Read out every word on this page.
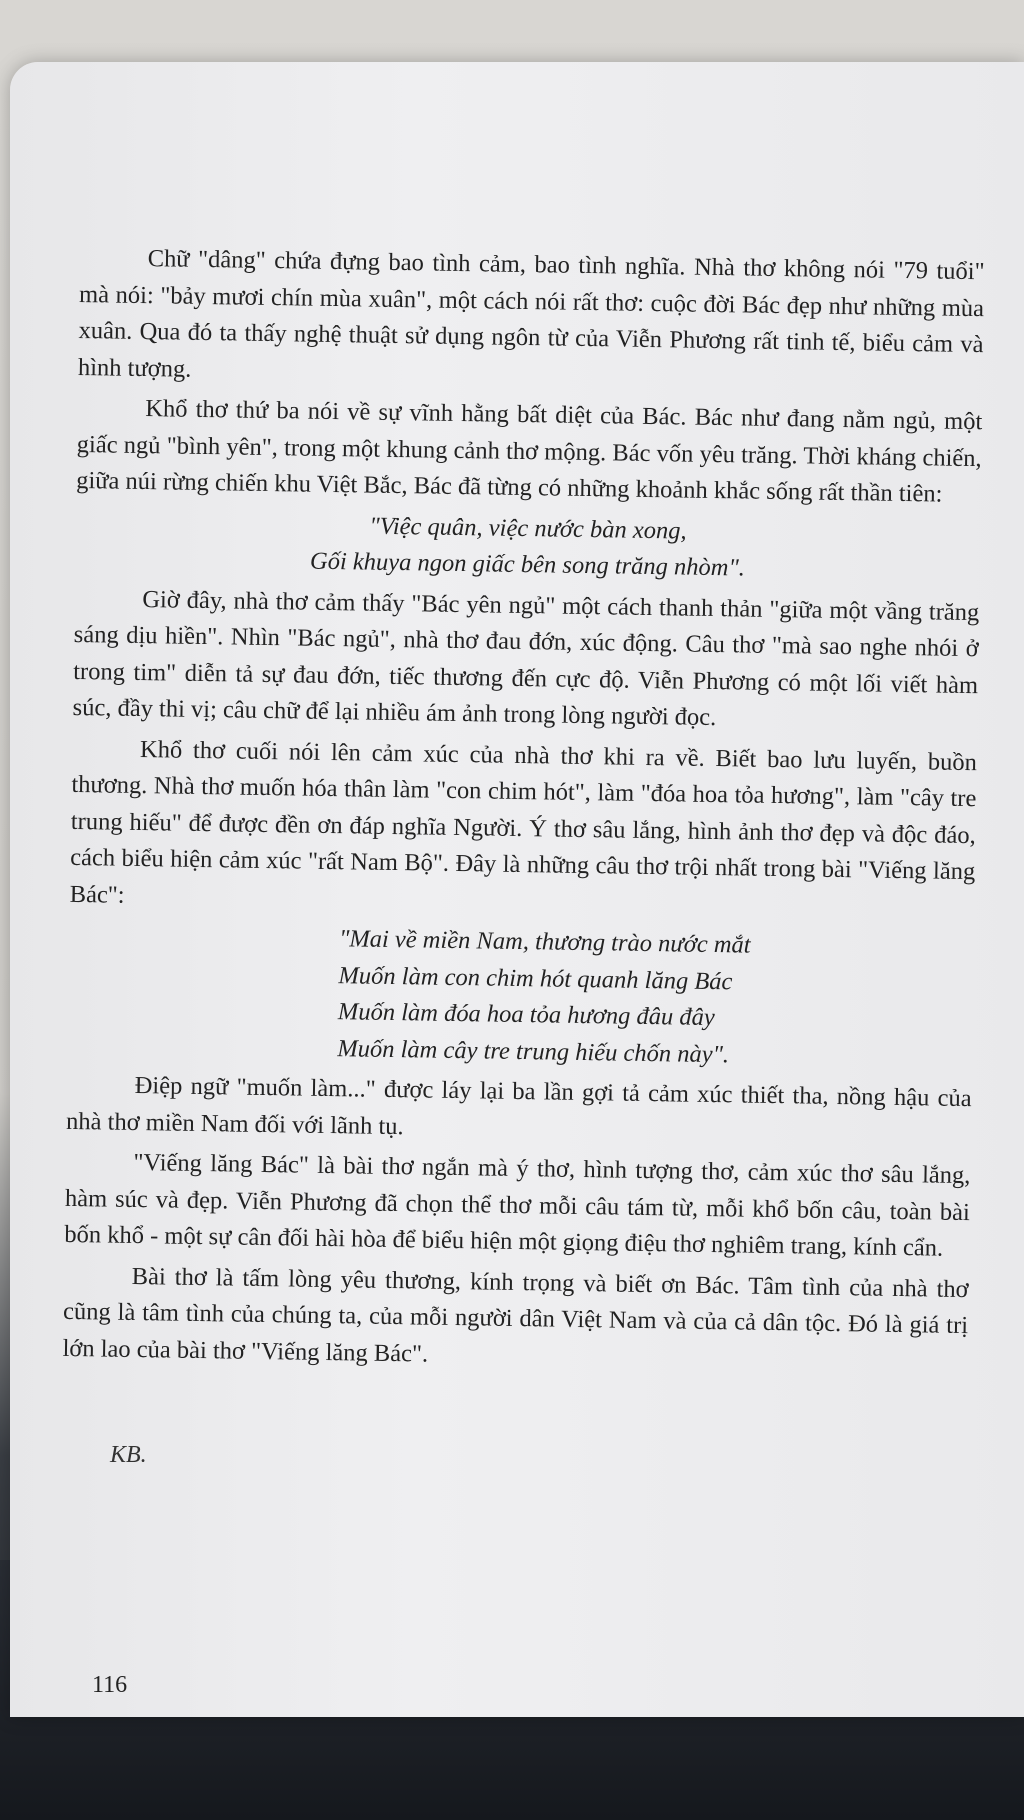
Chữ "dâng" chứa đựng bao tình cảm, bao tình nghĩa. Nhà thơ không nói "79 tuổi" mà nói: "bảy mươi chín mùa xuân", một cách nói rất thơ: cuộc đời Bác đẹp như những mùa xuân. Qua đó ta thấy nghệ thuật sử dụng ngôn từ của Viễn Phương rất tinh tế, biểu cảm và hình tượng.

Khổ thơ thứ ba nói về sự vĩnh hằng bất diệt của Bác. Bác như đang nằm ngủ, một giấc ngủ "bình yên", trong một khung cảnh thơ mộng. Bác vốn yêu trăng. Thời kháng chiến, giữa núi rừng chiến khu Việt Bắc, Bác đã từng có những khoảnh khắc sống rất thần tiên:

"Việc quân, việc nước bàn xong,
Gối khuya ngon giấc bên song trăng nhòm".

Giờ đây, nhà thơ cảm thấy "Bác yên ngủ" một cách thanh thản "giữa một vầng trăng sáng dịu hiền". Nhìn "Bác ngủ", nhà thơ đau đớn, xúc động. Câu thơ "mà sao nghe nhói ở trong tim" diễn tả sự đau đớn, tiếc thương đến cực độ. Viễn Phương có một lối viết hàm súc, đầy thi vị; câu chữ để lại nhiều ám ảnh trong lòng người đọc.

Khổ thơ cuối nói lên cảm xúc của nhà thơ khi ra về. Biết bao lưu luyến, buồn thương. Nhà thơ muốn hóa thân làm "con chim hót", làm "đóa hoa tỏa hương", làm "cây tre trung hiếu" để được đền ơn đáp nghĩa Người. Ý thơ sâu lắng, hình ảnh thơ đẹp và độc đáo, cách biểu hiện cảm xúc "rất Nam Bộ". Đây là những câu thơ trội nhất trong bài "Viếng lăng Bác":

"Mai về miền Nam, thương trào nước mắt
Muốn làm con chim hót quanh lăng Bác
Muốn làm đóa hoa tỏa hương đâu đây
Muốn làm cây tre trung hiếu chốn này".

Điệp ngữ "muốn làm..." được láy lại ba lần gợi tả cảm xúc thiết tha, nồng hậu của nhà thơ miền Nam đối với lãnh tụ.

"Viếng lăng Bác" là bài thơ ngắn mà ý thơ, hình tượng thơ, cảm xúc thơ sâu lắng, hàm súc và đẹp. Viễn Phương đã chọn thể thơ mỗi câu tám từ, mỗi khổ bốn câu, toàn bài bốn khổ - một sự cân đối hài hòa để biểu hiện một giọng điệu thơ nghiêm trang, kính cẩn.

Bài thơ là tấm lòng yêu thương, kính trọng và biết ơn Bác. Tâm tình của nhà thơ cũng là tâm tình của chúng ta, của mỗi người dân Việt Nam và của cả dân tộc. Đó là giá trị lớn lao của bài thơ "Viếng lăng Bác".

KB.
116
